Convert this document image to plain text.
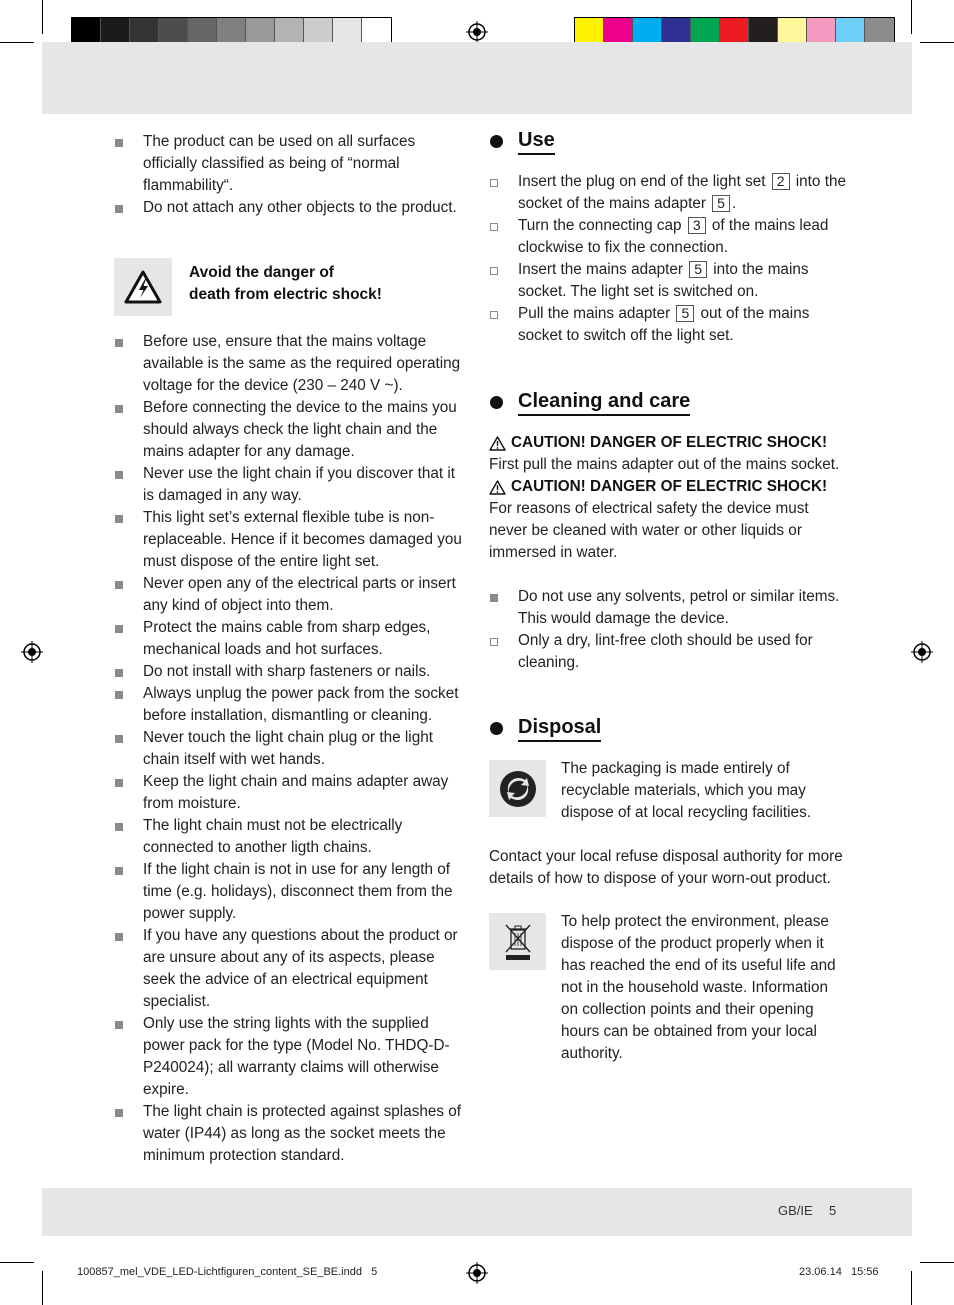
The product can be used on all surfaces officially classified as being of “normal flammability“.
Do not attach any other objects to the product.
Avoid the danger of
death from electric shock!
Before use, ensure that the mains voltage available is the same as the required operating voltage for the device (230 – 240 V ~).
Before connecting the device to the mains you should always check the light chain and the mains adapter for any damage.
Never use the light chain if you discover that it is damaged in any way.
This light set’s external flexible tube is non-replaceable. Hence if it becomes damaged you must dispose of the entire light set.
Never open any of the electrical parts or insert any kind of object into them.
Protect the mains cable from sharp edges, mechanical loads and hot surfaces.
Do not install with sharp fasteners or nails.
Always unplug the power pack from the socket before installation, dismantling or cleaning.
Never touch the light chain plug or the light chain itself with wet hands.
Keep the light chain and mains adapter away from moisture.
The light chain must not be electrically connected to another ligth chains.
If the light chain is not in use for any length of time (e.g. holidays), disconnect them from the power supply.
If you have any questions about the product or are unsure about any of its aspects, please seek the advice of an electrical equipment specialist.
Only use the string lights with the supplied power pack for the type (Model No. THDQ-D-P240024); all warranty claims will otherwise expire.
The light chain is protected against splashes of water (IP44) as long as the socket meets the minimum protection standard.
Use
Insert the plug on end of the light set 2 into the socket of the mains adapter 5 .
Turn the connecting cap 3 of the mains lead clockwise to fix the connection.
Insert the mains adapter 5 into the mains socket. The light set is switched on.
Pull the mains adapter 5 out of the mains socket to switch off the light set.
Cleaning and care
CAUTION! DANGER OF ELECTRIC SHOCK!
First pull the mains adapter out of the mains socket.
CAUTION! DANGER OF ELECTRIC SHOCK!
For reasons of electrical safety the device must never be cleaned with water or other liquids or immersed in water.
Do not use any solvents, petrol or similar items. This would damage the device.
Only a dry, lint-free cloth should be used for cleaning.
Disposal
The packaging is made entirely of recyclable materials, which you may dispose of at local recycling facilities.
Contact your local refuse disposal authority for more details of how to dispose of your worn-out product.
To help protect the environment, please dispose of the product properly when it has reached the end of its useful life and not in the household waste. Information on collection points and their opening hours can be obtained from your local authority.
GB/IE 5
100857_mel_VDE_LED-Lichtfiguren_content_SE_BE.indd   5	23.06.14   15:56
